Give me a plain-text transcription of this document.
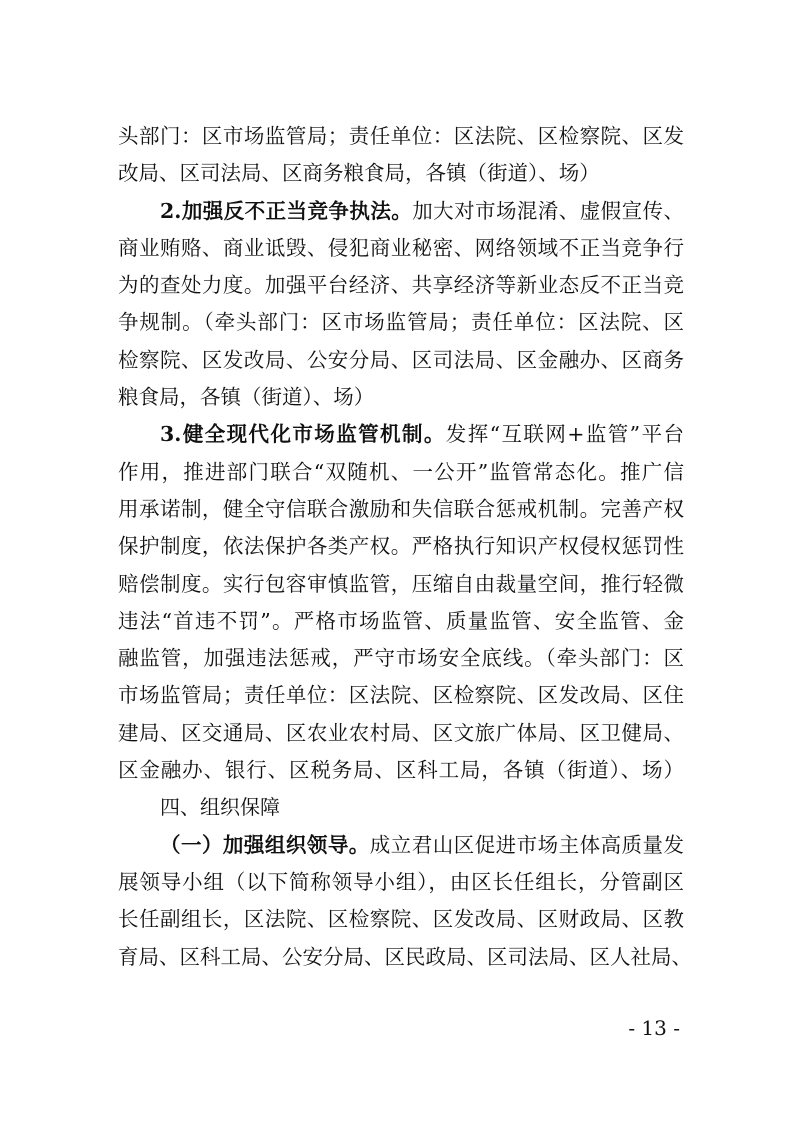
头部门：区市场监管局；责任单位：区法院、区检察院、区发
改局、区司法局、区商务粮食局，各镇（街道）、场）
2.加强反不正当竞争执法。加大对市场混淆、虚假宣传、
商业贿赂、商业诋毁、侵犯商业秘密、网络领域不正当竞争行
为的查处力度。加强平台经济、共享经济等新业态反不正当竞
争规制。（牵头部门：区市场监管局；责任单位：区法院、区
检察院、区发改局、公安分局、区司法局、区金融办、区商务
粮食局，各镇（街道）、场）
3.健全现代化市场监管机制。发挥“互联网+监管”平台
作用，推进部门联合“双随机、一公开”监管常态化。推广信
用承诺制，健全守信联合激励和失信联合惩戒机制。完善产权
保护制度，依法保护各类产权。严格执行知识产权侵权惩罚性
赔偿制度。实行包容审慎监管，压缩自由裁量空间，推行轻微
违法“首违不罚”。严格市场监管、质量监管、安全监管、金
融监管，加强违法惩戒，严守市场安全底线。（牵头部门：区
市场监管局；责任单位：区法院、区检察院、区发改局、区住
建局、区交通局、区农业农村局、区文旅广体局、区卫健局、
区金融办、银行、区税务局、区科工局，各镇（街道）、场）
四、组织保障
（一）加强组织领导。成立君山区促进市场主体高质量发
展领导小组（以下简称领导小组），由区长任组长，分管副区
长任副组长，区法院、区检察院、区发改局、区财政局、区教
育局、区科工局、公安分局、区民政局、区司法局、区人社局、
- 13 -
